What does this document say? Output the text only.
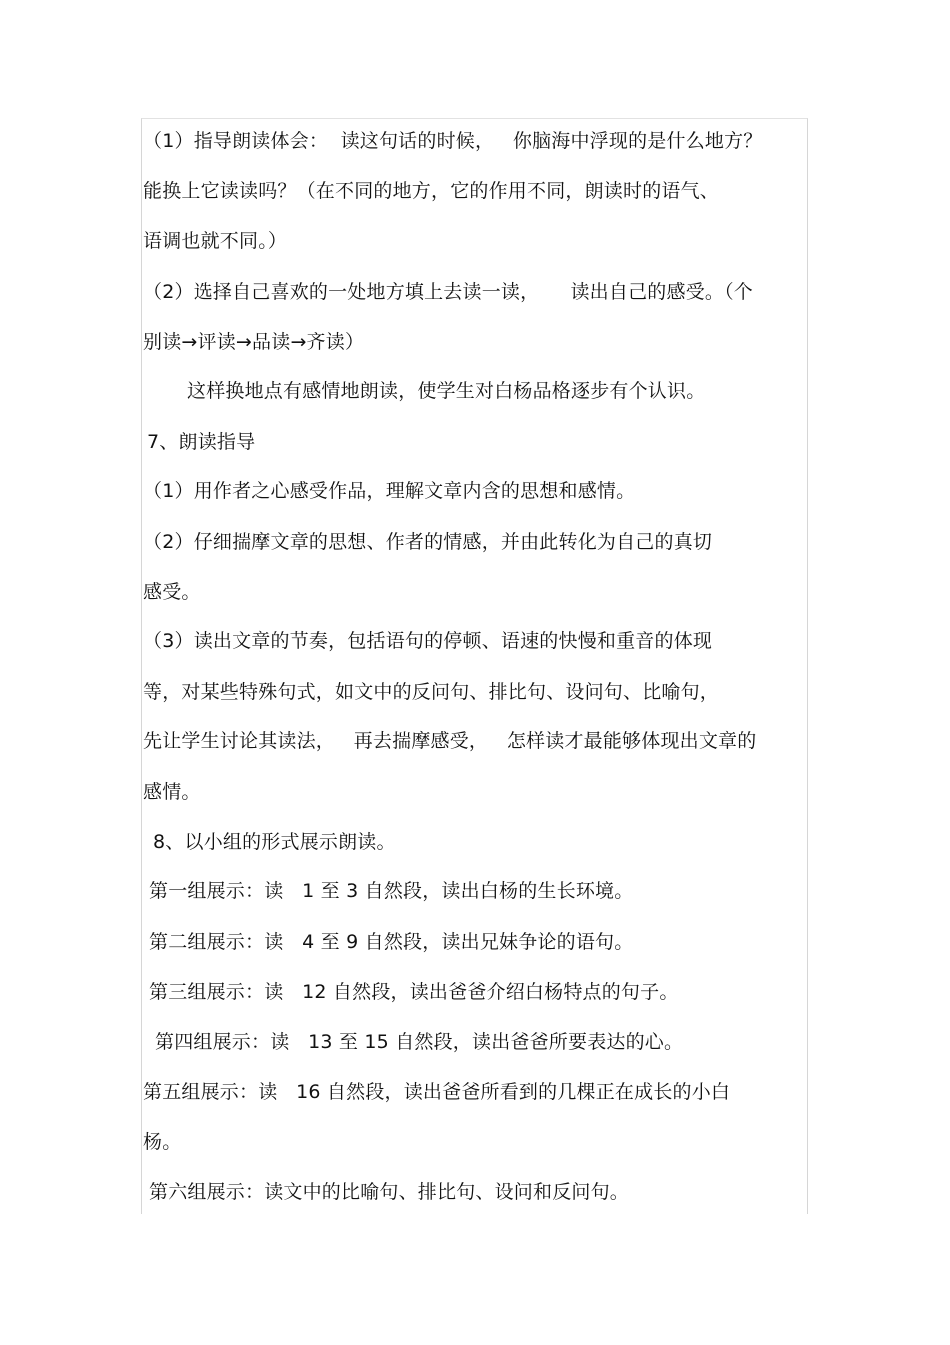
（1）指导朗读体会：  读这句话的时候，   你脑海中浮现的是什么地方？
能换上它读读吗？（在不同的地方，它的作用不同，朗读时的语气、
语调也就不同。）
（2）选择自己喜欢的一处地方填上去读一读，     读出自己的感受。（个
别读→评读→品读→齐读）
这样换地点有感情地朗读，使学生对白杨品格逐步有个认识。
7、朗读指导
（1）用作者之心感受作品，理解文章内含的思想和感情。
（2）仔细揣摩文章的思想、作者的情感，并由此转化为自己的真切
感受。
（3）读出文章的节奏，包括语句的停顿、语速的快慢和重音的体现
等，对某些特殊句式，如文中的反问句、排比句、设问句、比喻句，
先让学生讨论其读法，   再去揣摩感受，   怎样读才最能够体现出文章的
感情。
8、以小组的形式展示朗读。
第一组展示：读   1 至 3 自然段，读出白杨的生长环境。
第二组展示：读   4 至 9 自然段，读出兄妹争论的语句。
第三组展示：读   12 自然段，读出爸爸介绍白杨特点的句子。
第四组展示：读   13 至 15 自然段，读出爸爸所要表达的心。
第五组展示：读   16 自然段，读出爸爸所看到的几棵正在成长的小白
杨。
第六组展示：读文中的比喻句、排比句、设问和反问句。
